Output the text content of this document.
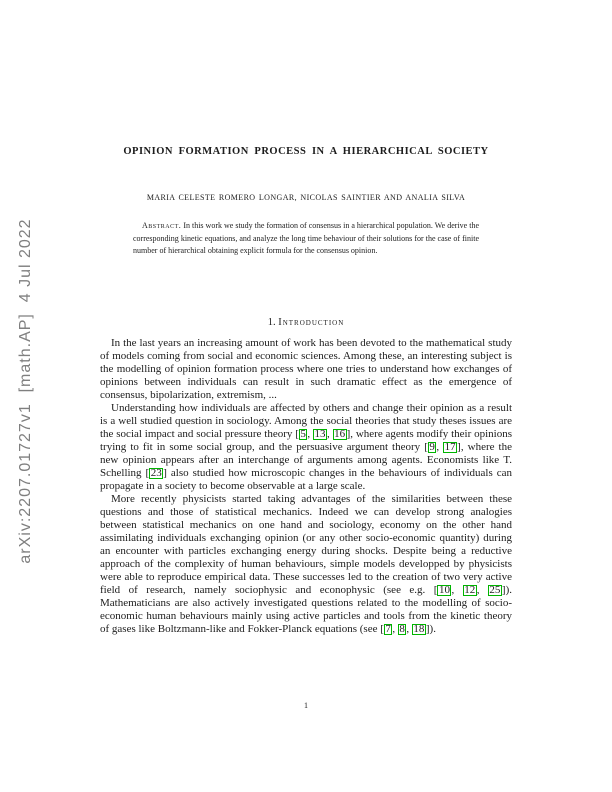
arXiv:2207.01727v1  [math.AP]  4 Jul 2022
OPINION FORMATION PROCESS IN A HIERARCHICAL SOCIETY
MARIA CELESTE ROMERO LONGAR, NICOLAS SAINTIER AND ANALIA SILVA
Abstract. In this work we study the formation of consensus in a hierarchical population. We derive the corresponding kinetic equations, and analyze the long time behaviour of their solutions for the case of finite number of hierarchical obtaining explicit formula for the consensus opinion.
1. Introduction

In the last years an increasing amount of work has been devoted to the mathematical study of models coming from social and economic sciences. Among these, an interesting subject is the modelling of opinion formation process where one tries to understand how exchanges of opinions between individuals can result in such dramatic effect as the emergence of consensus, bipolarization, extremism, ...

Understanding how individuals are affected by others and change their opinion as a result is a well studied question in sociology. Among the social theories that study theses issues are the social impact and social pressure theory [ 5 , 13 , 16 ], where agents modify their opinions trying to fit in some social group, and the persuasive argument theory [ 9 , 17 ], where the new opinion appears after an interchange of arguments among agents. Economists like T. Schelling [ 23 ] also studied how microscopic changes in the behaviours of individuals can propagate in a society to become observable at a large scale.

More recently physicists started taking advantages of the similarities between these questions and those of statistical mechanics. Indeed we can develop strong analogies between statistical mechanics on one hand and sociology, economy on the other hand assimilating individuals exchanging opinion (or any other socio-economic quantity) during an encounter with particles exchanging energy during shocks. Despite being a reductive approach of the complexity of human behaviours, simple models developped by physicists were able to reproduce empirical data. These successes led to the creation of two very active field of research, namely sociophysic and econophysic (see e.g. [ 10 , 12 , 25 ]). Mathematicians are also actively investigated questions related to the modelling of socio-economic human behaviours mainly using active particles and tools from the kinetic theory of gases like Boltzmann-like and Fokker-Planck equations (see [ 7 , 8 , 18 ]).

1
